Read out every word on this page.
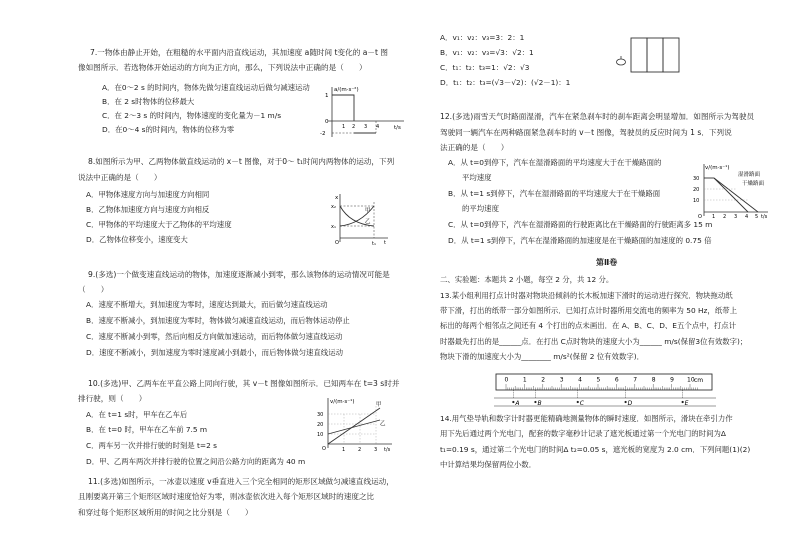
7.一物体由静止开始，在粗糙的水平面内沿直线运动，其加速度 a随时间 t变化的 a－t 图
像如图所示．若选物体开始运动的方向为正方向，那么，下列说法中正确的是（　　）
A．在0～2 s 的时间内，物体先做匀速直线运动后做匀减速运动
B．在 2 s时物体的位移最大
C．在 2～3 s 的时间内，物体速度的变化量为－1 m/s
D．在0～4 s的时间内，物体的位移为零
a/(m·s⁻²)
1
0
-2
1 2 3 4	t/s
8.如图所示为甲、乙两物体做直线运动的 x－t 图像，对于0～ t₁时间内两物体的运动，下列
说法中正确的是（　　）
A．甲物体速度方向与加速度方向相同
B．乙物体加速度方向与速度方向相反
C．甲物体的平均速度大于乙物体的平均速度
D．乙物体位移变小，速度变大
x
x₂
x₁
O	t₁ t
甲
乙
9.(多选)一个做变速直线运动的物体，加速度逐渐减小到零，那么该物体的运动情况可能是
（　　）
A．速度不断增大，到加速度为零时，速度达到最大，而后做匀速直线运动
B．速度不断减小，到加速度为零时，物体做匀减速直线运动，而后物体运动停止
C．速度不断减小到零，然后向相反方向做加速运动，而后物体做匀速直线运动
D．速度不断减小，到加速度为零时速度减小到最小，而后物体做匀速直线运动
10.(多选)甲、乙两车在平直公路上同向行驶，其 v－t 图像如图所示．已知两车在 t=3 s时并
排行驶，则（　　）
A．在 t=1 s时，甲车在乙车后
B．在 t=0 时，甲车在乙车前 7.5 m
C．两车另一次并排行驶的时刻是 t=2 s
D．甲、乙两车两次并排行驶的位置之间沿公路方向的距离为 40 m
v/(m·s⁻¹)
30
20
10
O	1	2	3 t/s
甲
乙
11.(多选)如图所示，一冰壶以速度 v垂直进入三个完全相同的矩形区域做匀减速直线运动，
且刚要离开第三个矩形区域时速度恰好为零，则冰壶依次进入每个矩形区域时的速度之比
和穿过每个矩形区域所用的时间之比分别是（　　）
A．v₁：v₂：v₃=3：2：1
B．v₁：v₂：v₃=√3：√2：1
C．t₁：t₂：t₃=1：√2：√3
D．t₁：t₂：t₃=(√3－√2)：(√2－1)：1
12.(多选)雨雪天气时路面湿滑，汽车在紧急刹车时的刹车距离会明显增加．如图所示为驾驶员
驾驶同一辆汽车在两种路面紧急刹车时的 v－t 图像，驾驶员的反应时间为 1 s．下列说
法正确的是（　　）
A．从 t=0到停下，汽车在湿滑路面的平均速度大于在干燥路面的
平均速度
B．从 t=1 s到停下，汽车在湿滑路面的平均速度大于在干燥路面
的平均速度
C．从 t=0到停下，汽车在湿滑路面的行驶距离比在干燥路面的行驶距离多 15 m
D．从 t=1 s到停下，汽车在湿滑路面的加速度是在干燥路面的加速度的 0.75 倍
v/(m·s⁻¹)
30
20
10
O 1 2 3 4 5 t/s
湿滑路面
干燥路面
第Ⅱ卷
二、实验题：本题共 2 小题，每空 2 分，共 12 分。
13.某小组利用打点计时器对物块沿倾斜的长木板加速下滑时的运动进行探究．物块拖动纸
带下滑，打出的纸带一部分如图所示．已知打点计时器所用交流电的频率为 50 Hz，纸带上
标出的每两个相邻点之间还有 4 个打出的点未画出．在 A、B、C、D、E五个点中，打点计
时器最先打出的是______点．在打出 C点时物块的速度大小为______ m/s(保留3位有效数字)；
物块下滑的加速度大小为________ m/s²(保留 2 位有效数字)．
0 1 2 3 4 5 6 7 8 9 10 cm
A	B	C	D	E
14.用气垫导轨和数字计时器更能精确地测量物体的瞬时速度．如图所示，滑块在牵引力作
用下先后通过两个光电门，配套的数字毫秒计记录了遮光板通过第一个光电门的时间为Δ
t₁=0.19 s，通过第二个光电门的时间Δ t₂=0.05 s，遮光板的宽度为 2.0 cm．下列问题(1)(2)
中计算结果均保留两位小数．
